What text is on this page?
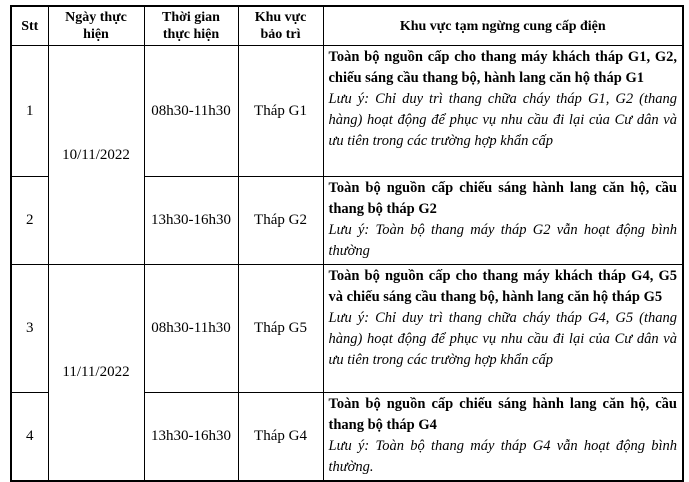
Stt	Ngày thực hiện	Thời gian thực hiện	Khu vực bảo trì	Khu vực tạm ngừng cung cấp điện
1	10/11/2022	08h30-11h30	Tháp G1	Toàn bộ nguồn cấp cho thang máy khách tháp G1, G2, chiếu sáng cầu thang bộ, hành lang căn hộ tháp G1

Lưu ý: Chỉ duy trì thang chữa cháy tháp G1, G2 (thang hàng) hoạt động để phục vụ nhu cầu đi lại của Cư dân và ưu tiên trong các trường hợp khẩn cấp

2		13h30-16h30	Tháp G2	Toàn bộ nguồn cấp chiếu sáng hành lang căn hộ, cầu thang bộ tháp G2

Lưu ý: Toàn bộ thang máy tháp G2 vẫn hoạt động bình thường

3	11/11/2022	08h30-11h30	Tháp G5	Toàn bộ nguồn cấp cho thang máy khách tháp G4, G5 và chiếu sáng cầu thang bộ, hành lang căn hộ tháp G5

Lưu ý: Chỉ duy trì thang chữa cháy tháp G4, G5 (thang hàng) hoạt động để phục vụ nhu cầu đi lại của Cư dân và ưu tiên trong các trường hợp khẩn cấp

4		13h30-16h30	Tháp G4	Toàn bộ nguồn cấp chiếu sáng hành lang căn hộ, cầu thang bộ tháp G4

Lưu ý: Toàn bộ thang máy tháp G4 vẫn hoạt động bình thường.
